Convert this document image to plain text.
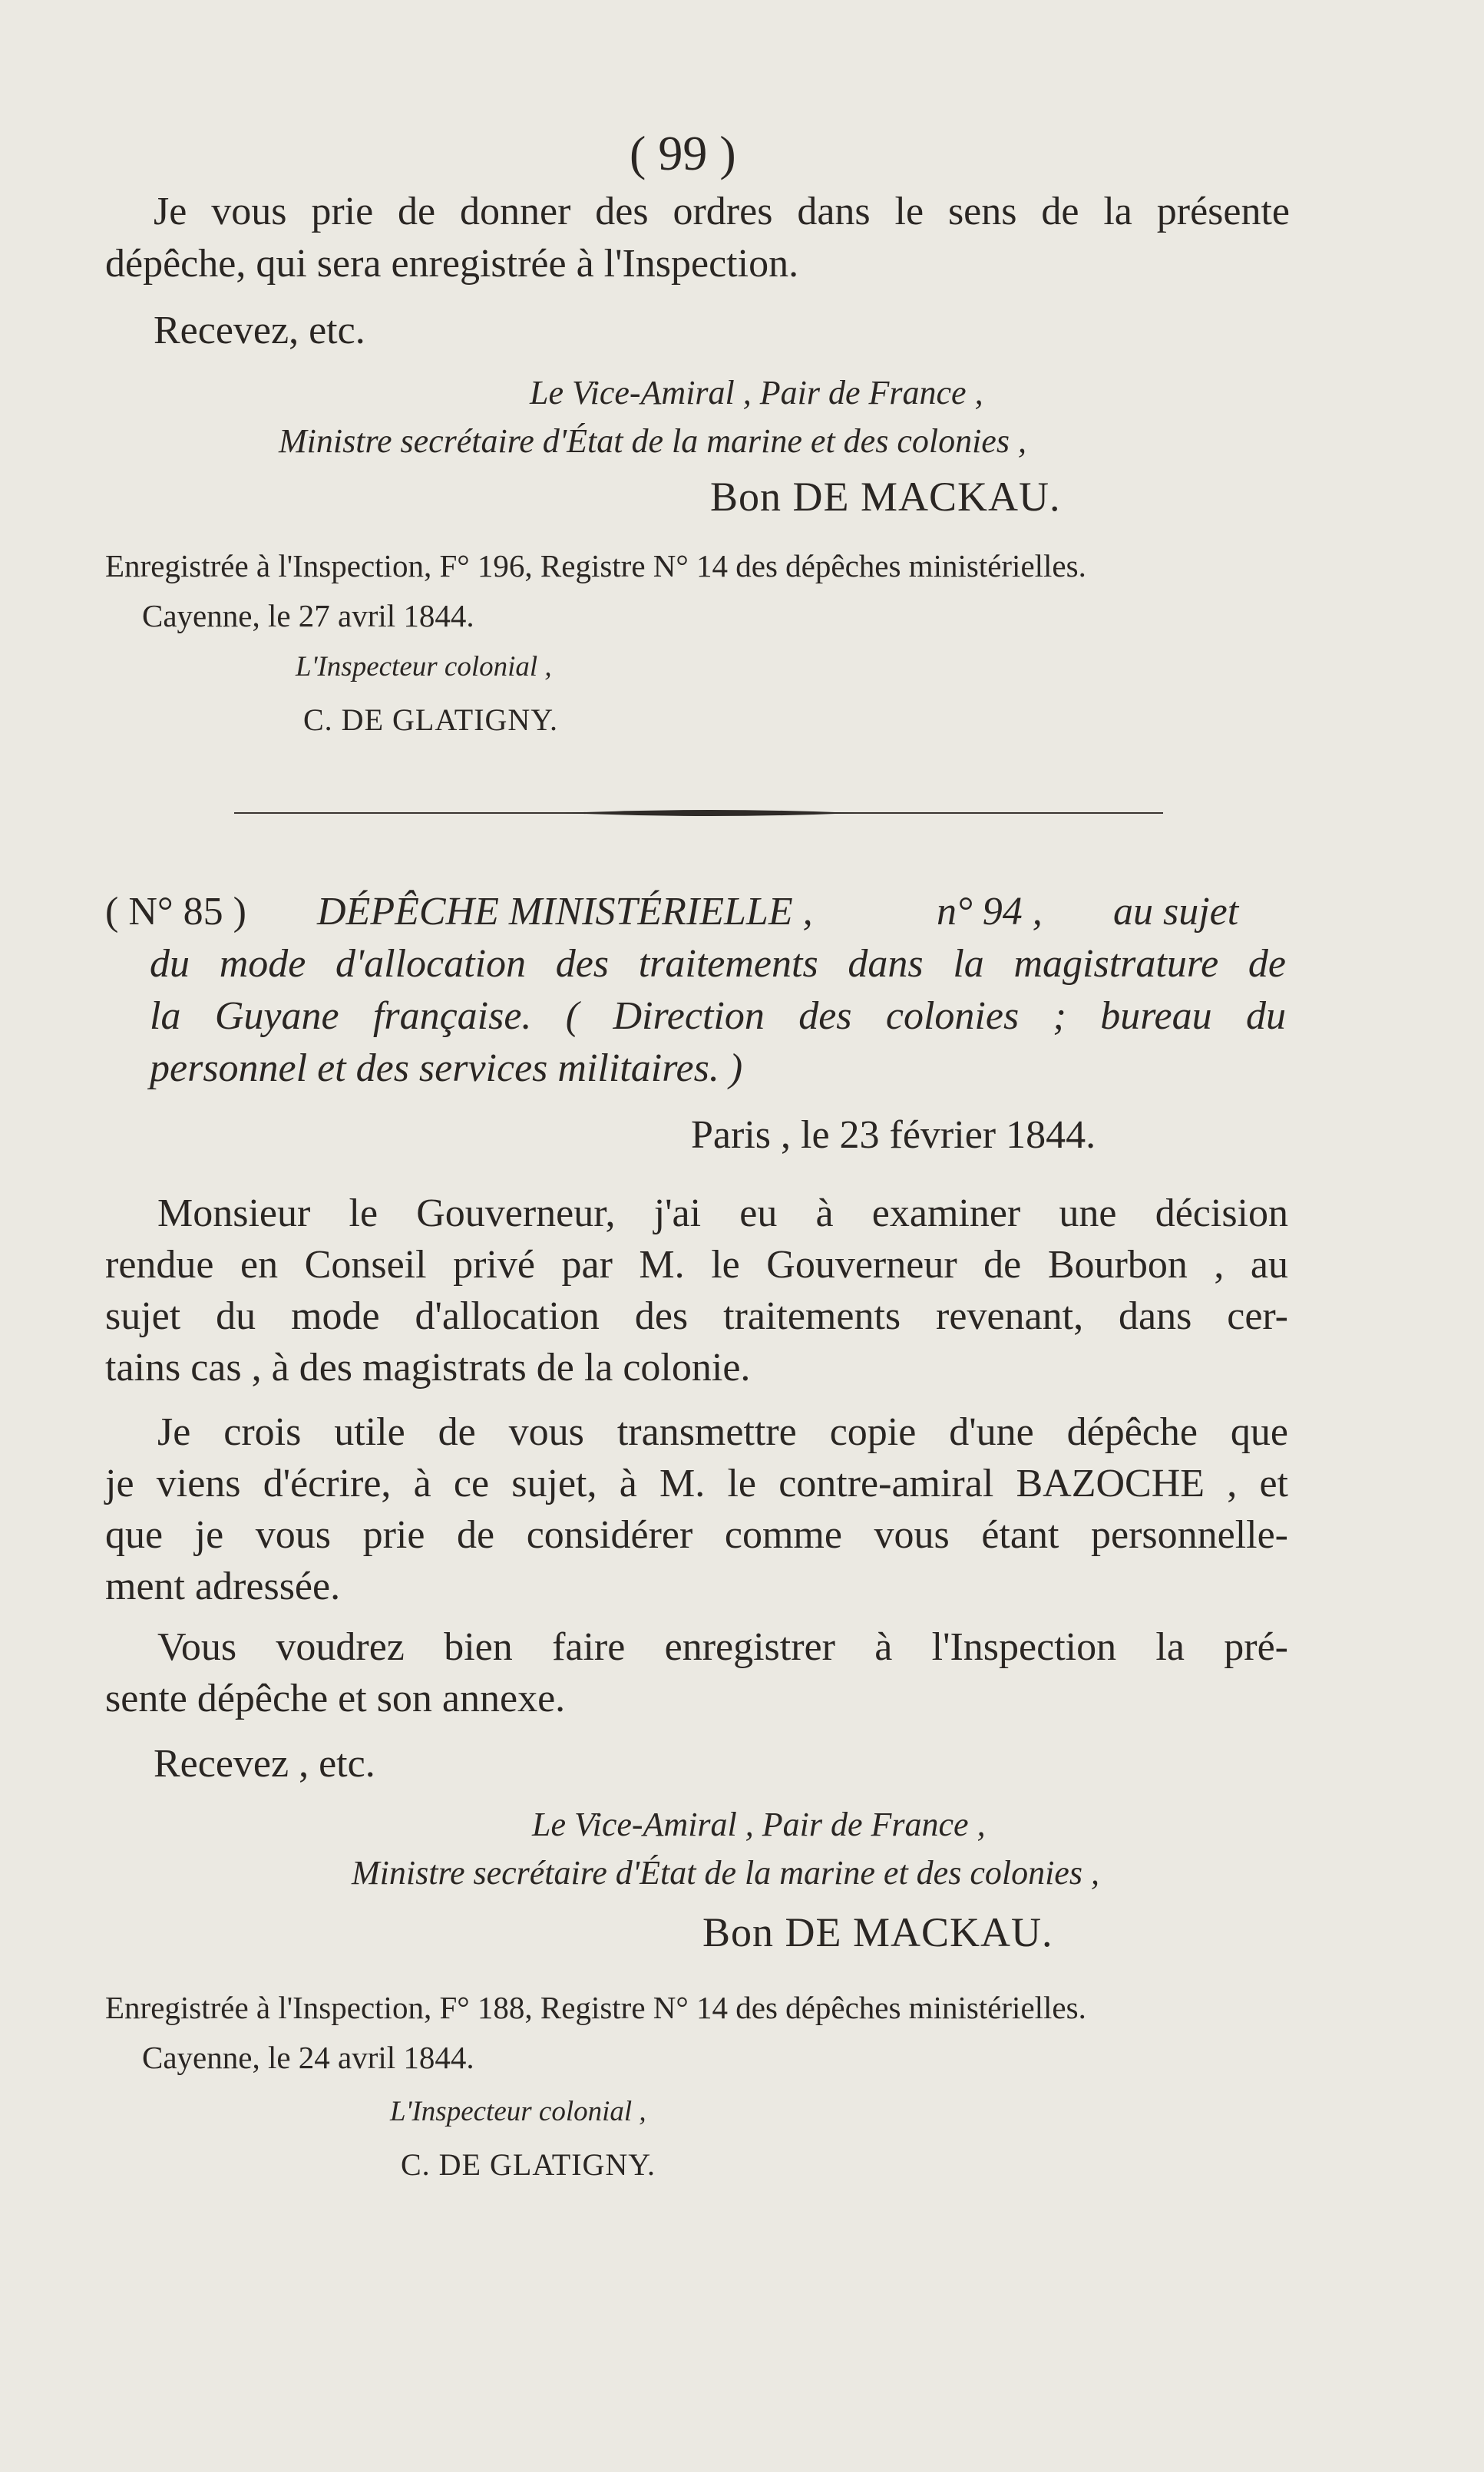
( 99 )
Je vous prie de donner des ordres dans le sens de la présente
dépêche, qui sera enregistrée à l'Inspection.
Recevez, etc.
Le Vice-Amiral , Pair de France ,
Ministre secrétaire d'État de la marine et des colonies ,
Bon DE MACKAU.
Enregistrée à l'Inspection, F° 196, Registre N° 14 des dépêches ministérielles.
Cayenne, le 27 avril 1844.
L'Inspecteur colonial ,
C. DE GLATIGNY.
( N° 85 ) DÉPÊCHE MINISTÉRIELLE ,	n° 94 , au sujet
du mode d'allocation des traitements dans la magistrature de
la Guyane française. ( Direction des colonies ; bureau du
personnel et des services militaires. )
Paris , le 23 février 1844.
Monsieur le Gouverneur, j'ai eu à examiner une décision
rendue en Conseil privé par M. le Gouverneur de Bourbon , au
sujet du mode d'allocation des traitements revenant, dans cer-
tains cas , à des magistrats de la colonie.
Je crois utile de vous transmettre copie d'une dépêche que
je viens d'écrire, à ce sujet, à M. le contre-amiral BAZOCHE , et
que je vous prie de considérer comme vous étant personnelle-
ment adressée.
Vous voudrez bien faire enregistrer à l'Inspection la pré-
sente dépêche et son annexe.
Recevez , etc.
Le Vice-Amiral , Pair de France ,
Ministre secrétaire d'État de la marine et des colonies ,
Bon DE MACKAU.
Enregistrée à l'Inspection, F° 188, Registre N° 14 des dépêches ministérielles.
Cayenne, le 24 avril 1844.
L'Inspecteur colonial ,
C. DE GLATIGNY.
